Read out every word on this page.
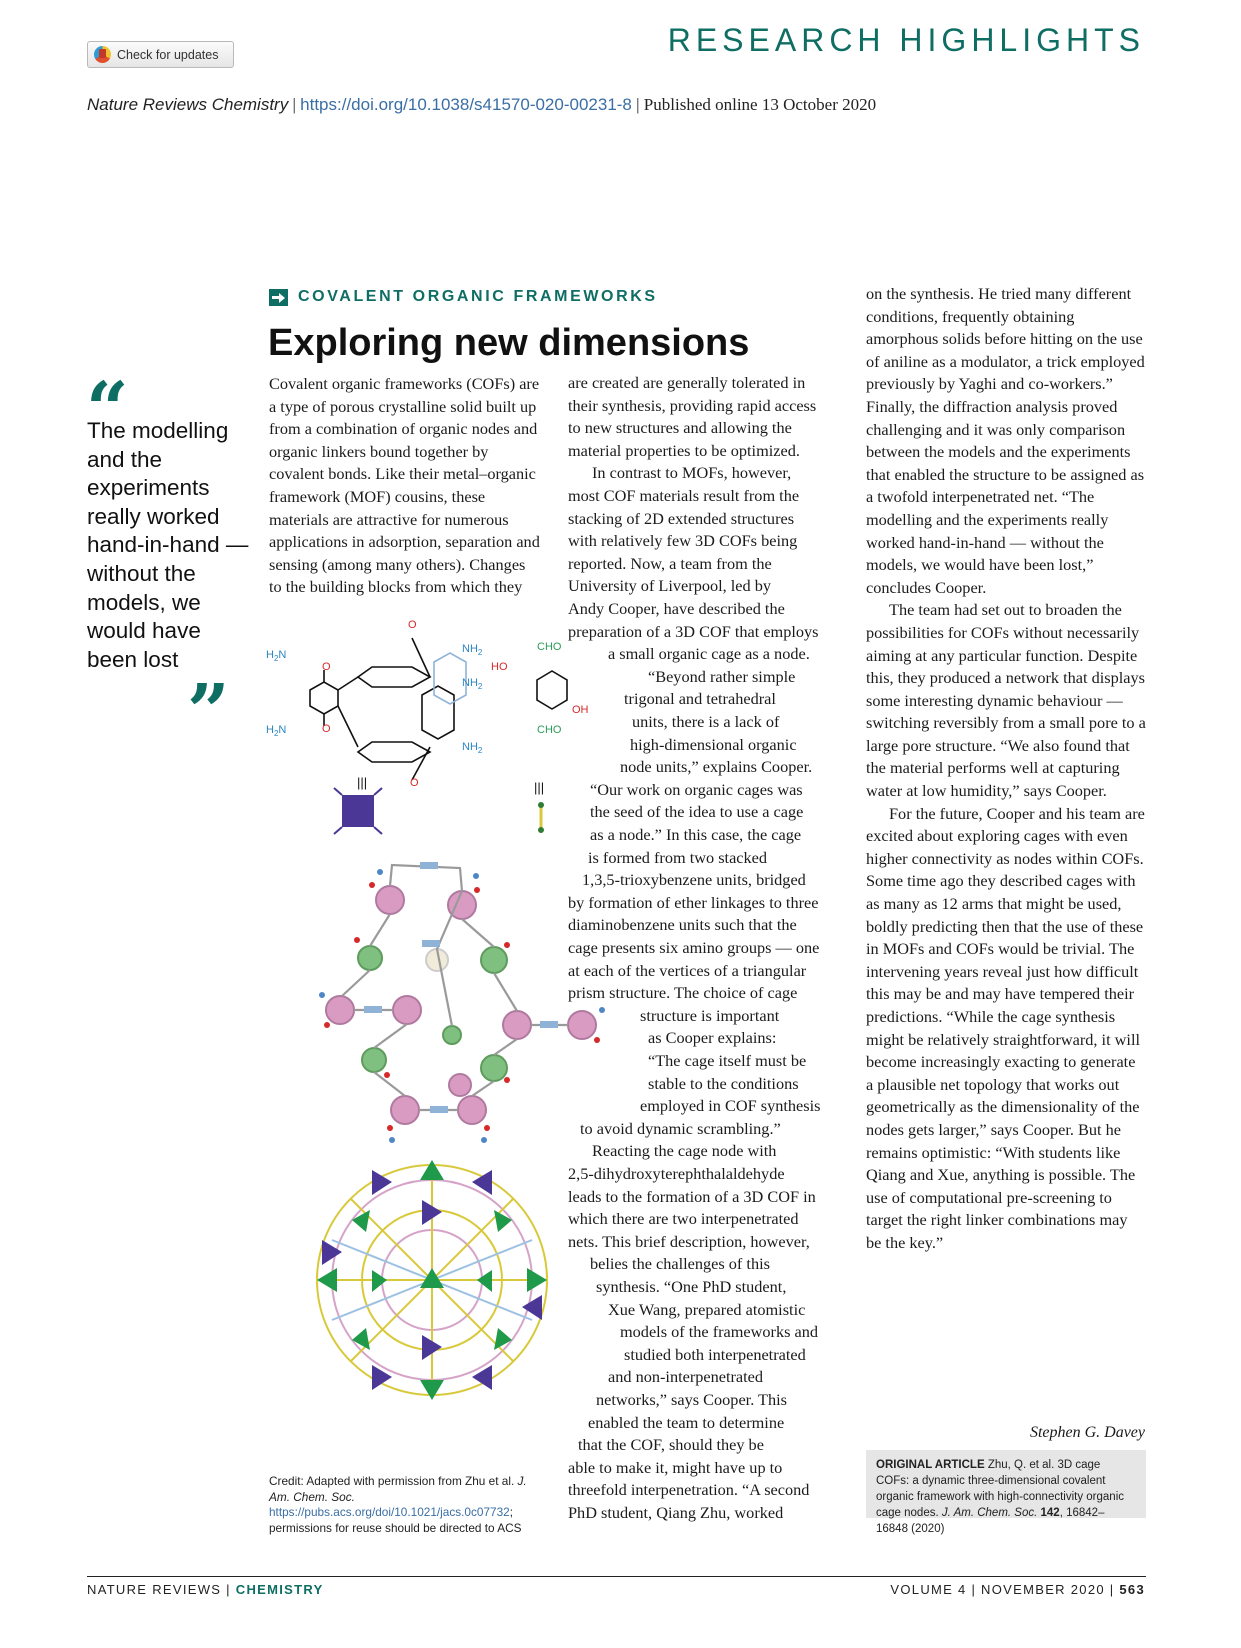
Check for updates	RESEARCH HIGHLIGHTS
Nature Reviews Chemistry | https://doi.org/10.1038/s41570-020-00231-8 | Published online 13 October 2020
COVALENT ORGANIC FRAMEWORKS
Exploring new dimensions
“
The modelling and the experiments really worked hand-in-hand — without the models, we would have been lost
”

Covalent organic frameworks (COFs) are a type of porous crystalline solid built up from a combination of organic nodes and organic linkers bound together by covalent bonds. Like their metal–organic framework (MOF) cousins, these materials are attractive for numerous applications in adsorption, separation and sensing (among many others). Changes to the building blocks from which they

are created are generally tolerated in
their synthesis, providing rapid access
to new structures and allowing the
material properties to be optimized.
In contrast to MOFs, however,
most COF materials result from the
stacking of 2D extended structures
with relatively few 3D COFs being
reported. Now, a team from the
University of Liverpool, led by
Andy Cooper, have described the
preparation of a 3D COF that employs
a small organic cage as a node.
“Beyond rather simple
trigonal and tetrahedral
units, there is a lack of
high-dimensional organic
node units,” explains Cooper.
“Our work on organic cages was
the seed of the idea to use a cage
as a node.” In this case, the cage
is formed from two stacked
1,3,5-trioxybenzene units, bridged
by formation of ether linkages to three
diaminobenzene units such that the
cage presents six amino groups — one
at each of the vertices of a triangular
prism structure. The choice of cage
structure is important
as Cooper explains:
“The cage itself must be
stable to the conditions
employed in COF synthesis
to avoid dynamic scrambling.”
Reacting the cage node with
2,5-dihydroxyterephthalaldehyde
leads to the formation of a 3D COF in
which there are two interpenetrated
nets. This brief description, however,
belies the challenges of this
synthesis. “One PhD student,
Xue Wang, prepared atomistic
models of the frameworks and
studied both interpenetrated
and non-interpenetrated
networks,” says Cooper. This
enabled the team to determine
that the COF, should they be
able to make it, might have up to
threefold interpenetration. “A second
PhD student, Qiang Zhu, worked

on the synthesis. He tried many different conditions, frequently obtaining amorphous solids before hitting on the use of aniline as a modulator, a trick employed previously by Yaghi and co-workers.” Finally, the diffraction analysis proved challenging and it was only comparison between the models and the experiments that enabled the structure to be assigned as a twofold interpenetrated net. “The modelling and the experiments really worked hand-in-hand — without the models, we would have been lost,” concludes Cooper.

The team had set out to broaden the possibilities for COFs without necessarily aiming at any particular function. Despite this, they produced a network that displays some interesting dynamic behaviour — switching reversibly from a small pore to a large pore structure. “We also found that the material performs well at capturing water at low humidity,” says Cooper.

For the future, Cooper and his team are excited about exploring cages with even higher connectivity as nodes within COFs. Some time ago they described cages with as many as 12 arms that might be used, boldly predicting then that the use of these in MOFs and COFs would be trivial. The intervening years reveal just how difficult this may be and may have tempered their predictions. “While the cage synthesis might be relatively straightforward, it will become increasingly exacting to generate a plausible net topology that works out geometrically as the dimensionality of the nodes gets larger,” says Cooper. But he remains optimistic: “With students like Qiang and Xue, anything is possible. The use of computational pre-screening to target the right linker combinations may be the key.”

Stephen G. Davey
ORIGINAL ARTICLE Zhu, Q. et al. 3D cage COFs: a dynamic three-dimensional covalent organic framework with high-connectivity organic cage nodes. J. Am. Chem. Soc. 142, 16842–16848 (2020)
Credit: Adapted with permission from Zhu et al. J. Am. Chem. Soc. https://pubs.acs.org/doi/10.1021/jacs.0c07732; permissions for reuse should be directed to ACS
$H_2N$
$H_2N$
$NH_2$
$NH_2$
$NH_2$
O
O
O
O
CHO
CHO
HO
OH
|||	|||
NATURE REVIEWS | CHEMISTRY	VOLUME 4 | NOVEMBER 2020 | 563
